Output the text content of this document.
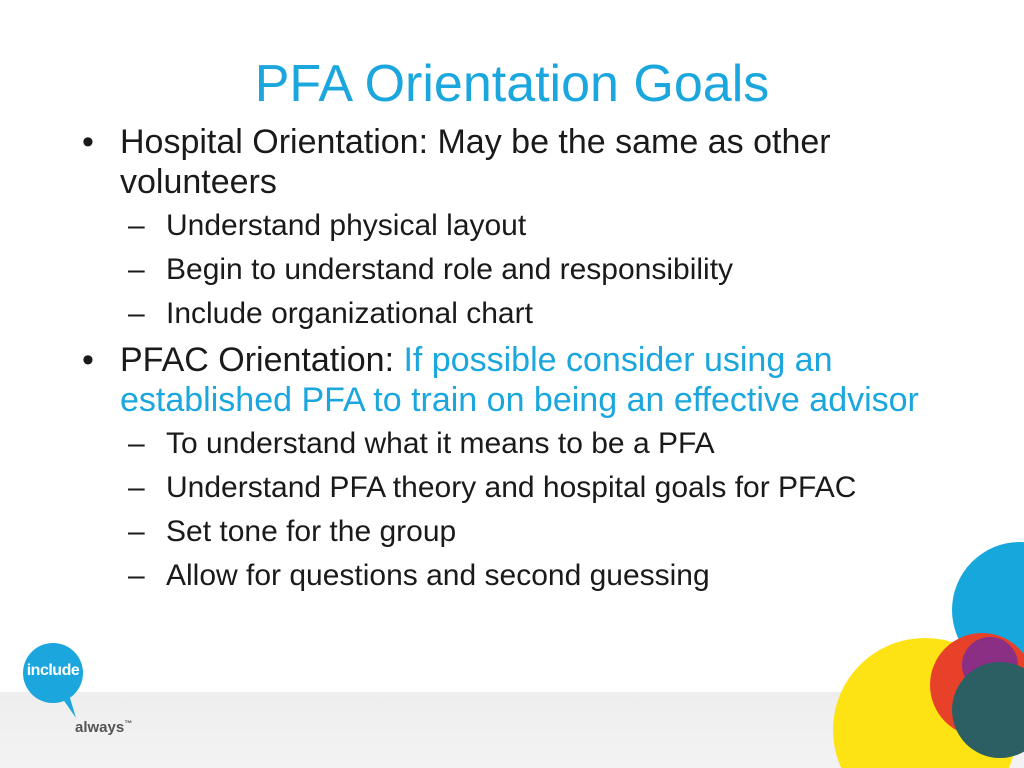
PFA Orientation Goals
• Hospital Orientation: May be the same as other volunteers
– Understand physical layout
– Begin to understand role and responsibility
– Include organizational chart
• PFAC Orientation: If possible consider using an established PFA to train on being an effective advisor
– To understand what it means to be a PFA
– Understand PFA theory and hospital goals for PFAC
– Set tone for the group
– Allow for questions and second guessing
include
always™
